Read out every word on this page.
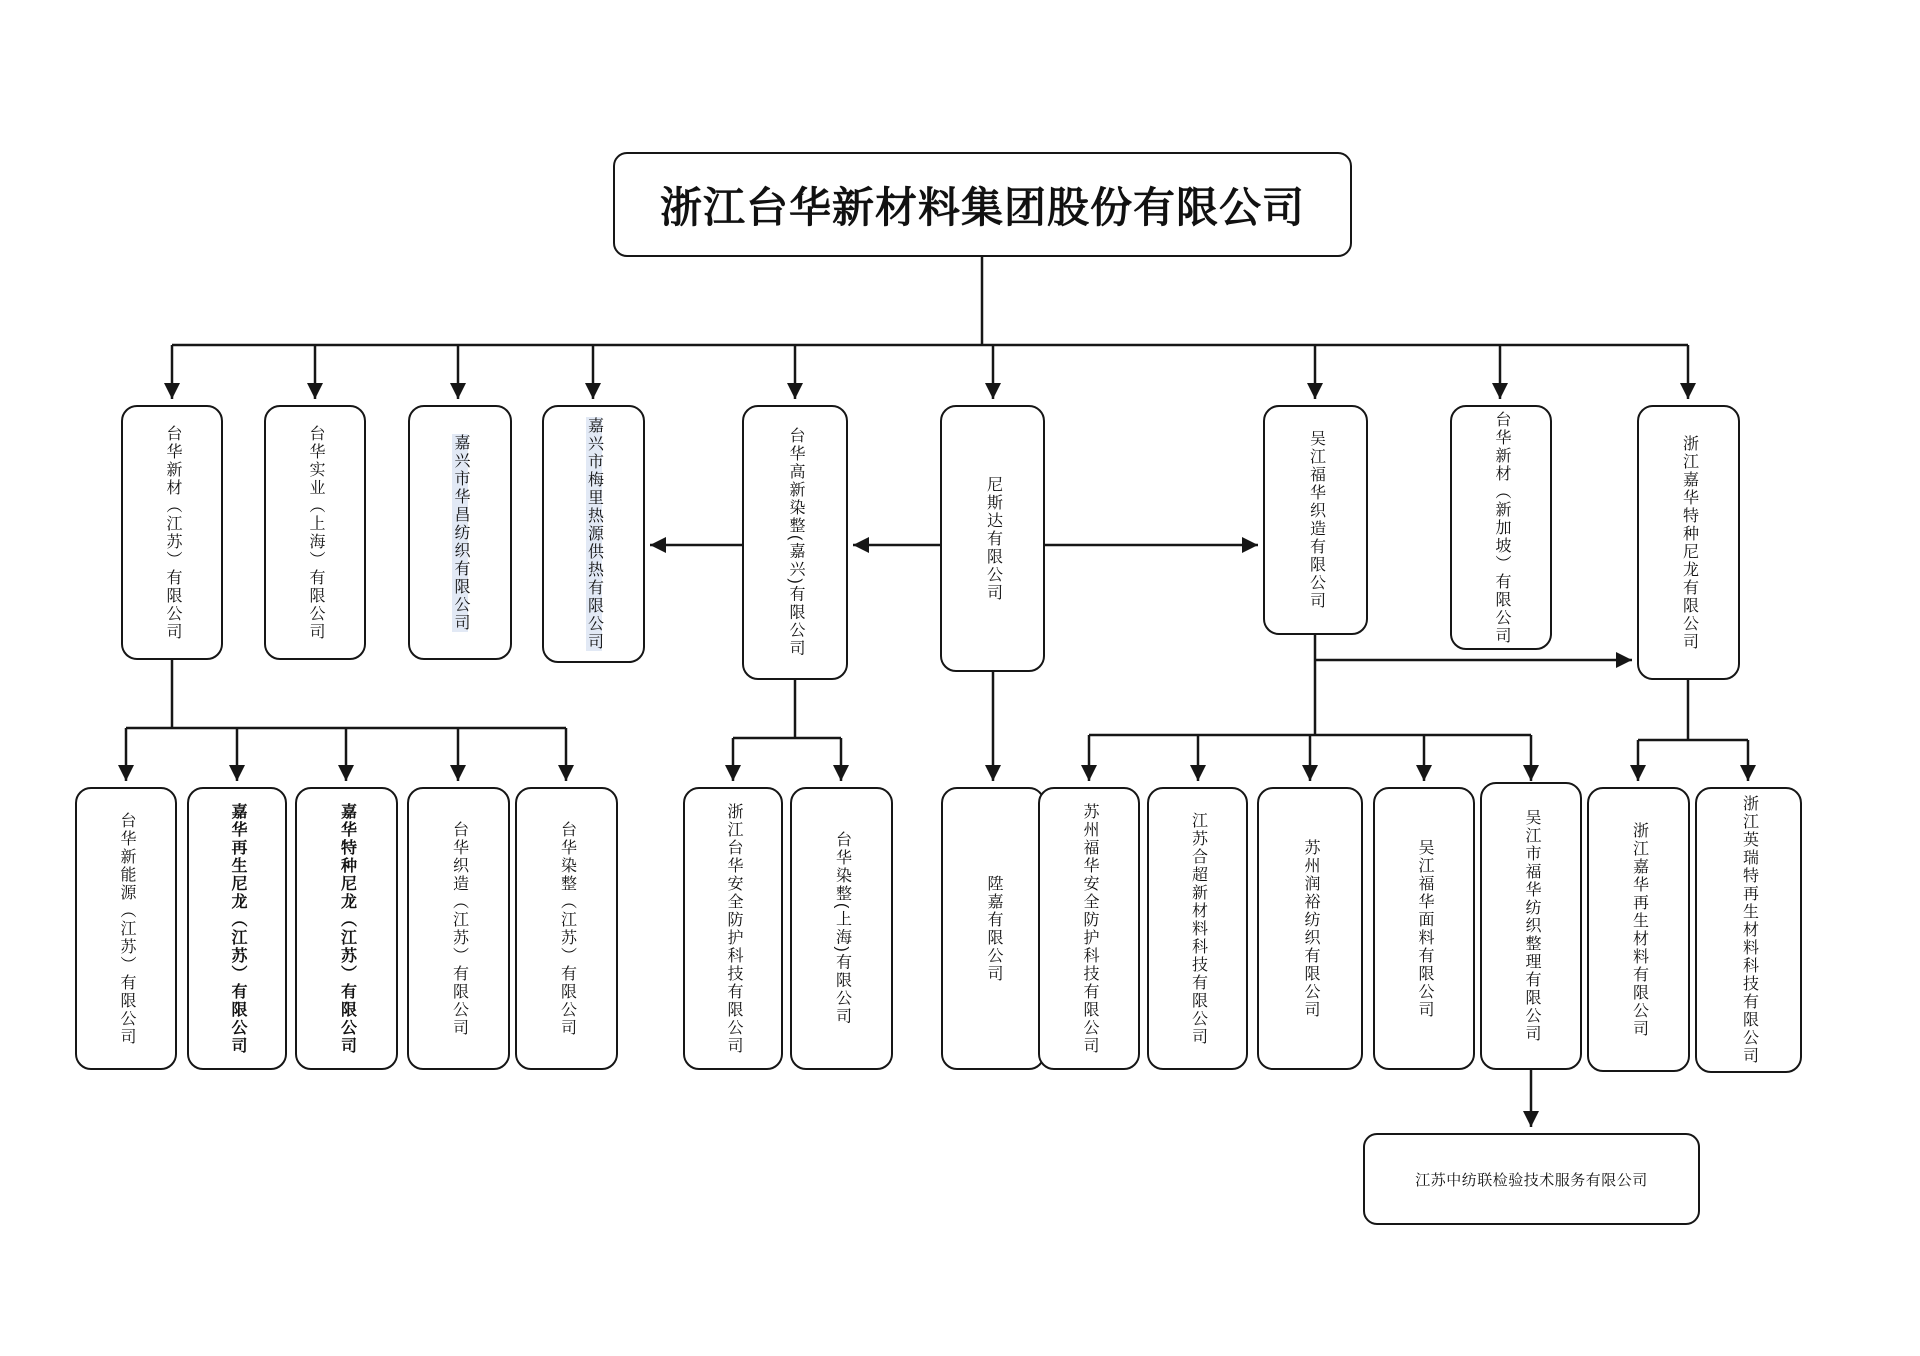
浙江台华新材料集团股份有限公司
台华新材（江苏）有限公司	台华实业（上海）有限公司	嘉兴市华昌纺织有限公司	嘉兴市梅里热源供热有限公司	台华高新染整(嘉兴)有限公司	尼斯达有限公司	吴江福华织造有限公司	台华新材（新加坡）有限公司	浙江嘉华特种尼龙有限公司
台华新能源（江苏）有限公司	嘉华再生尼龙（江苏）有限公司	嘉华特种尼龙（江苏）有限公司	台华织造（江苏）有限公司	台华染整（江苏）有限公司	浙江台华安全防护科技有限公司	台华染整(上海)有限公司	陞嘉有限公司	苏州福华安全防护科技有限公司	江苏合超新材料科技有限公司	苏州润裕纺织有限公司	吴江福华面料有限公司	吴江市福华纺织整理有限公司	浙江嘉华再生材料有限公司	浙江英瑞特再生材料科技有限公司
江苏中纺联检验技术服务有限公司
